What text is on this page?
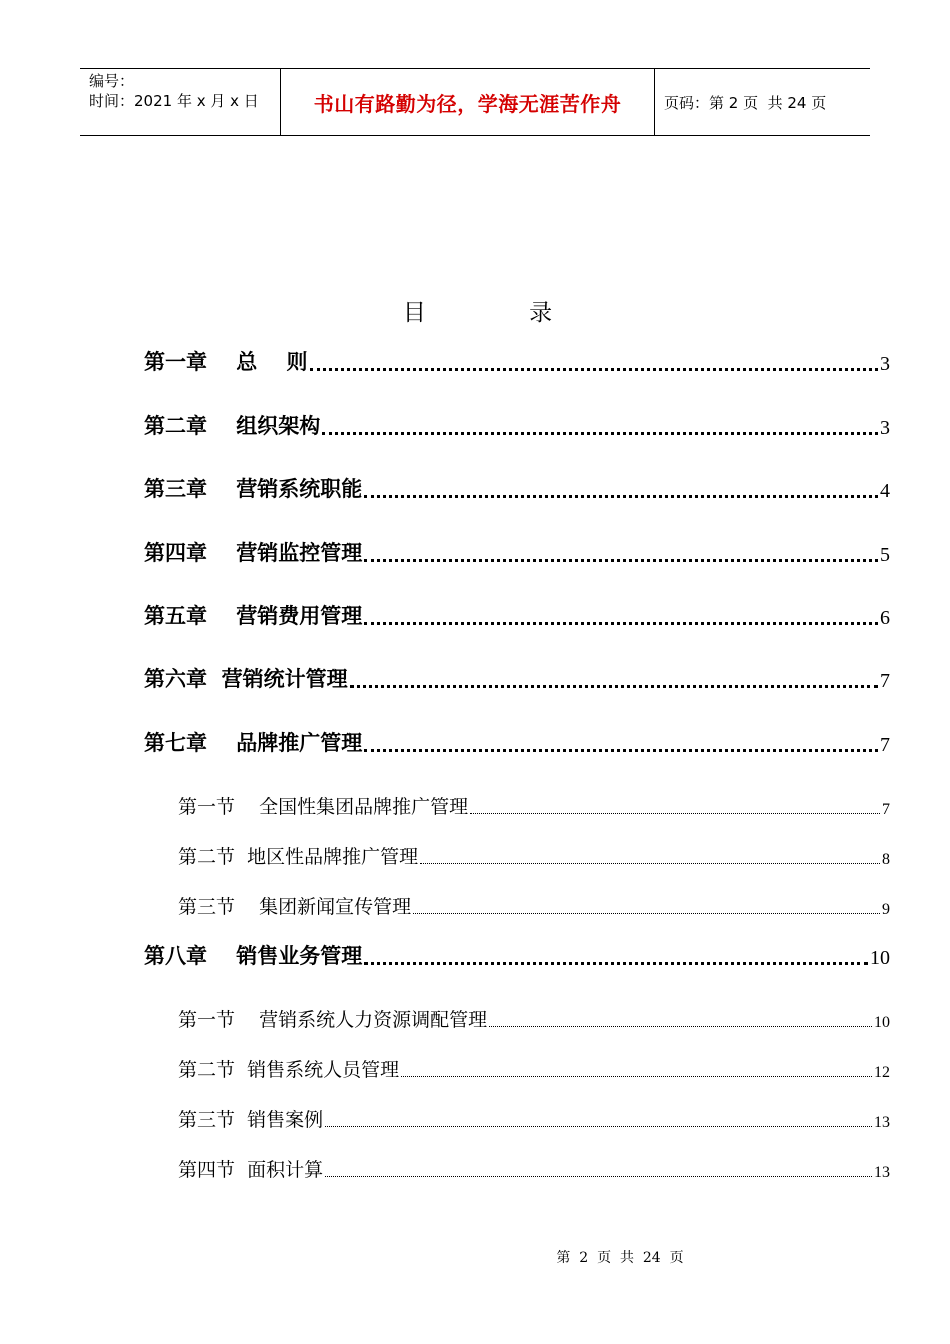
编号：
时间：2021 年 x 月 x 日	书山有路勤为径，学海无涯苦作舟	页码：第 2 页  共 24 页
目 录
第一章    总    则	3
第二章    组织架构	3
第三章    营销系统职能	4
第四章    营销监控管理	5
第五章    营销费用管理	6
第六章  营销统计管理	7
第七章    品牌推广管理	7
第一节    全国性集团品牌推广管理	7
第二节  地区性品牌推广管理	8
第三节    集团新闻宣传管理	9
第八章    销售业务管理	10
第一节    营销系统人力资源调配管理	10
第二节  销售系统人员管理	12
第三节  销售案例	13
第四节  面积计算	13
第  2  页  共  24  页
